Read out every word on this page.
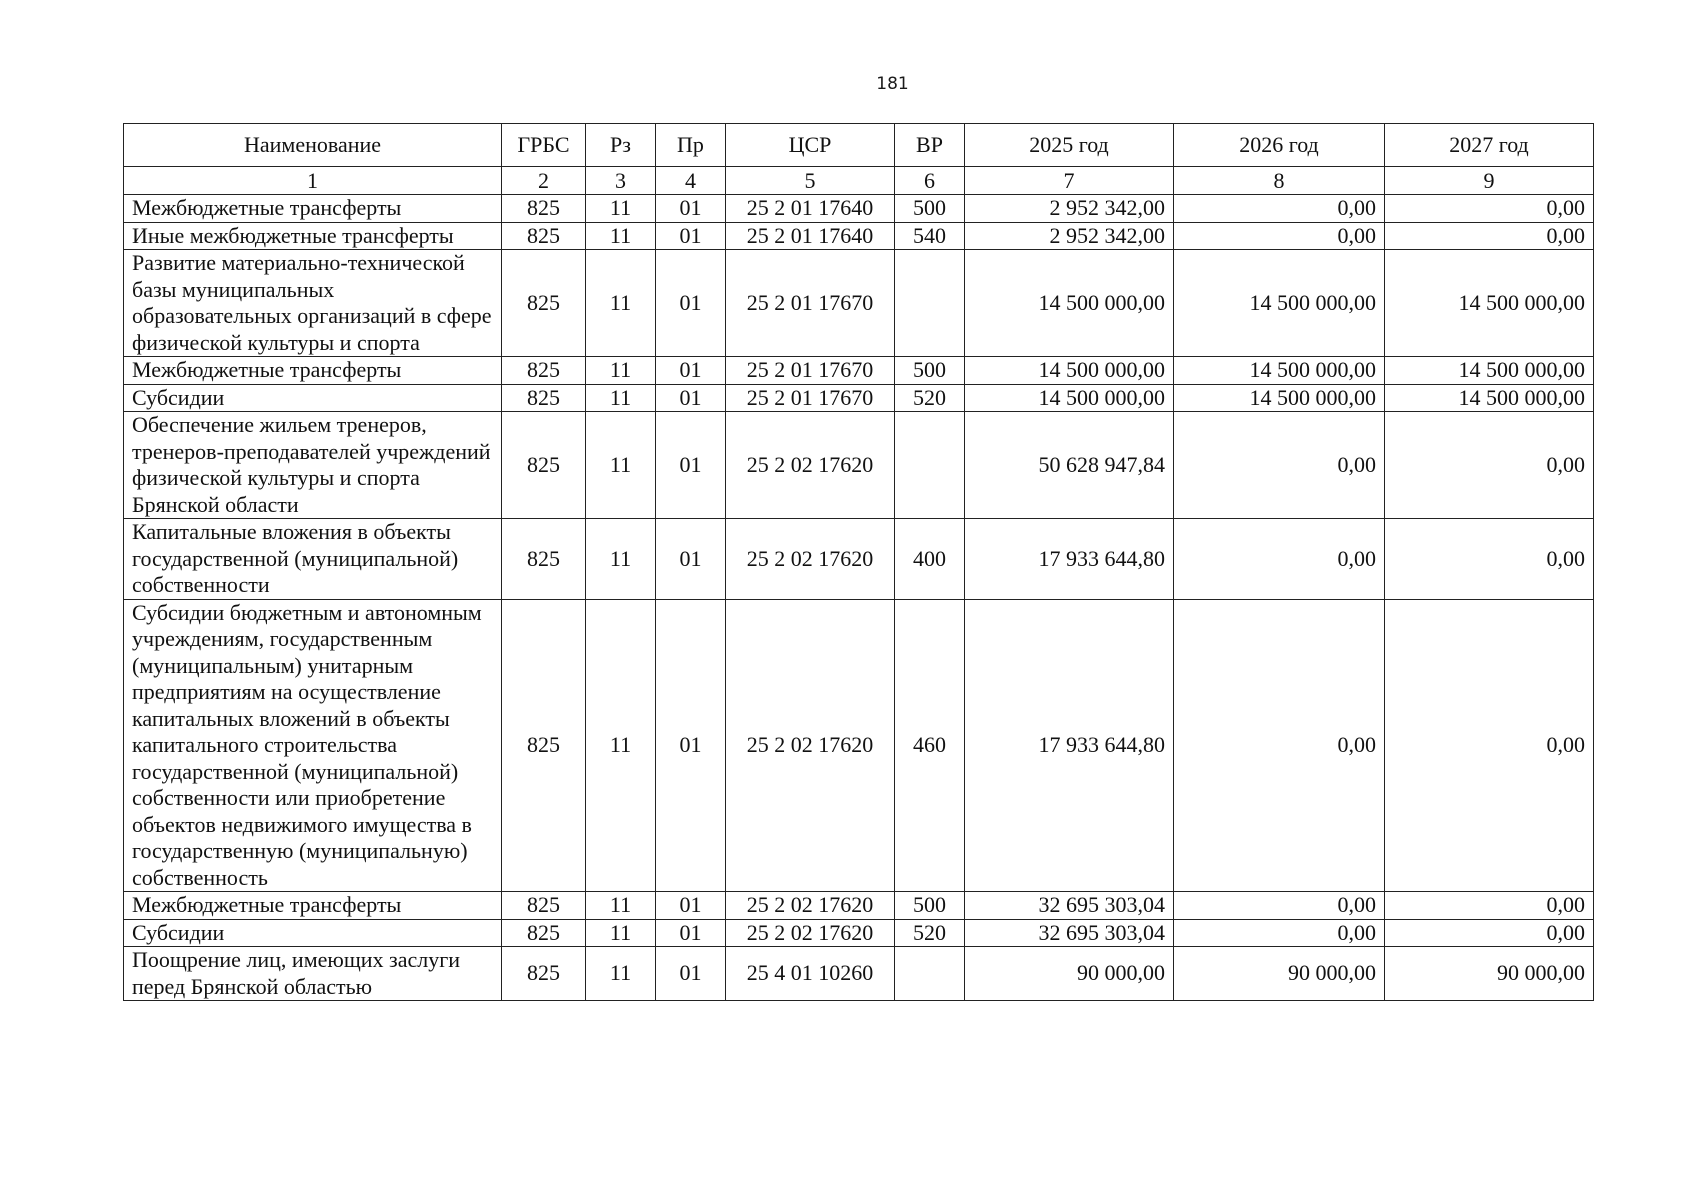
181
Наименование	ГРБС	Рз	Пр	ЦСР	ВР	2025 год	2026 год	2027 год
1	2	3	4	5	6	7	8	9
Межбюджетные трансферты	825	11	01	25 2 01 17640	500	2 952 342,00	0,00	0,00
Иные межбюджетные трансферты	825	11	01	25 2 01 17640	540	2 952 342,00	0,00	0,00
Развитие материально-технической базы муниципальных образовательных организаций в сфере физической культуры и спорта	825	11	01	25 2 01 17670		14 500 000,00	14 500 000,00	14 500 000,00
Межбюджетные трансферты	825	11	01	25 2 01 17670	500	14 500 000,00	14 500 000,00	14 500 000,00
Субсидии	825	11	01	25 2 01 17670	520	14 500 000,00	14 500 000,00	14 500 000,00
Обеспечение жильем тренеров, тренеров-преподавателей учреждений физической культуры и спорта Брянской области	825	11	01	25 2 02 17620		50 628 947,84	0,00	0,00
Капитальные вложения в объекты государственной (муниципальной) собственности	825	11	01	25 2 02 17620	400	17 933 644,80	0,00	0,00
Субсидии бюджетным и автономным учреждениям, государственным (муниципальным) унитарным предприятиям на осуществление капитальных вложений в объекты капитального строительства государственной (муниципальной) собственности или приобретение объектов недвижимого имущества в государственную (муниципальную) собственность	825	11	01	25 2 02 17620	460	17 933 644,80	0,00	0,00
Межбюджетные трансферты	825	11	01	25 2 02 17620	500	32 695 303,04	0,00	0,00
Субсидии	825	11	01	25 2 02 17620	520	32 695 303,04	0,00	0,00
Поощрение лиц, имеющих заслуги перед Брянской областью	825	11	01	25 4 01 10260		90 000,00	90 000,00	90 000,00
